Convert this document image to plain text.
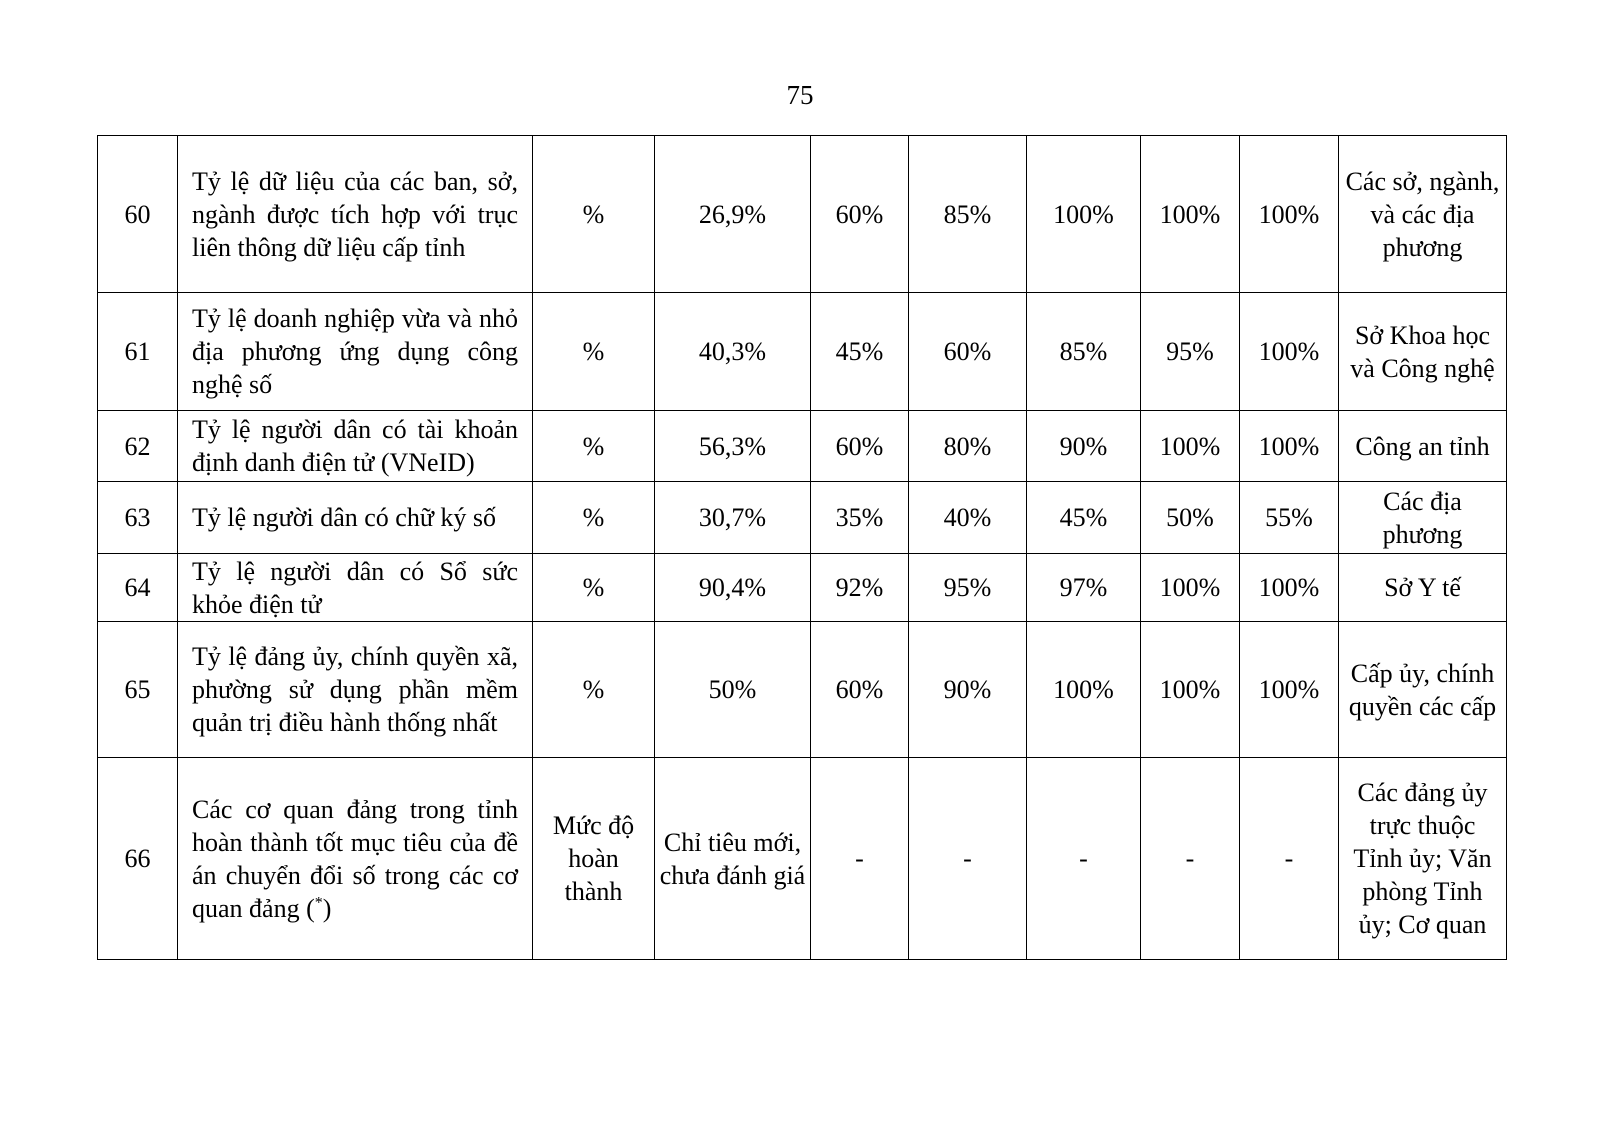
75
60	Tỷ lệ dữ liệu của các ban, sở, ngành được tích hợp với trục liên thông dữ liệu cấp tỉnh	%	26,9%	60%	85%	100%	100%	100%	Các sở, ngành, và các địa phương
61	Tỷ lệ doanh nghiệp vừa và nhỏ địa phương ứng dụng công nghệ số	%	40,3%	45%	60%	85%	95%	100%	Sở Khoa học và Công nghệ
62	Tỷ lệ người dân có tài khoản định danh điện tử (VNeID)	%	56,3%	60%	80%	90%	100%	100%	Công an tỉnh
63	Tỷ lệ người dân có chữ ký số	%	30,7%	35%	40%	45%	50%	55%	Các địa phương
64	Tỷ lệ người dân có Sổ sức khỏe điện tử	%	90,4%	92%	95%	97%	100%	100%	Sở Y tế
65	Tỷ lệ đảng ủy, chính quyền xã, phường sử dụng phần mềm quản trị điều hành thống nhất	%	50%	60%	90%	100%	100%	100%	Cấp ủy, chính quyền các cấp
66	Các cơ quan đảng trong tỉnh hoàn thành tốt mục tiêu của đề án chuyển đổi số trong các cơ quan đảng (*)	Mức độ hoàn thành	Chỉ tiêu mới, chưa đánh giá	-	-	-	-	-	Các đảng ủy trực thuộc Tỉnh ủy; Văn phòng Tỉnh ủy; Cơ quan
